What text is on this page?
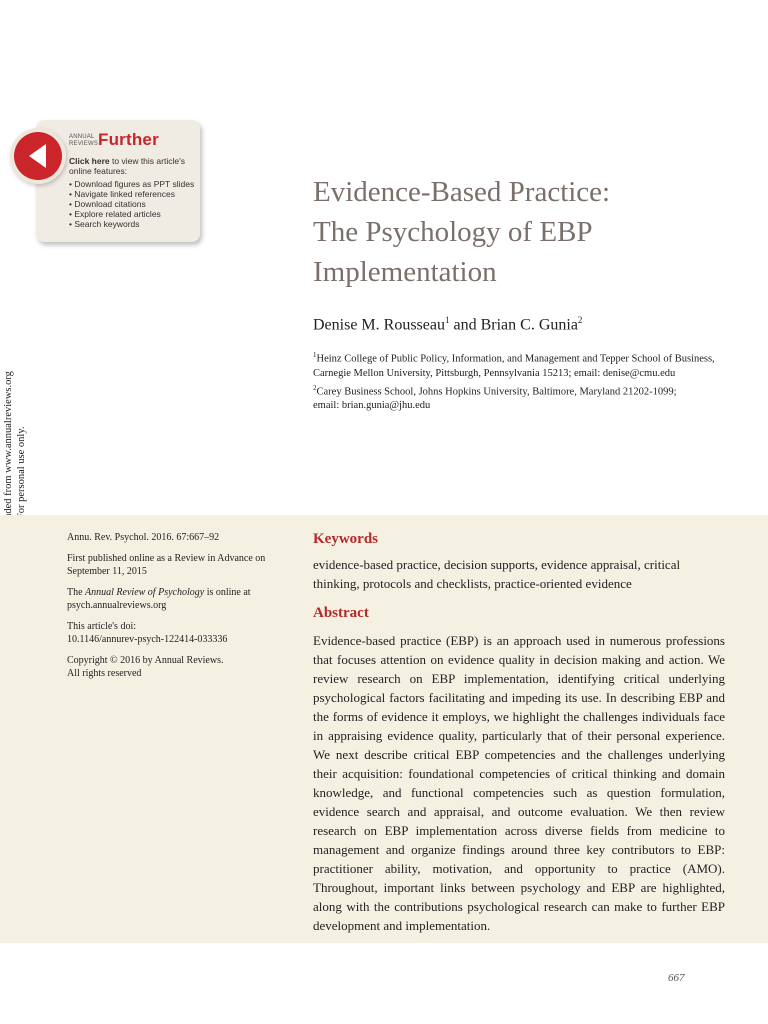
ANNUAL
REVIEWS Further
Click here to view this article's online features:
• Download figures as PPT slides
• Navigate linked references
• Download citations
• Explore related articles
• Search keywords
Evidence-Based Practice:
The Psychology of EBP
Implementation
Denise M. Rousseau$^1$ and Brian C. Gunia$^2$
$^1$Heinz College of Public Policy, Information, and Management and Tepper School of Business,
Carnegie Mellon University, Pittsburgh, Pennsylvania 15213; email: denise@cmu.edu
$^2$Carey Business School, Johns Hopkins University, Baltimore, Maryland 21202-1099;
email: brian.gunia@jhu.edu

Annu. Rev. Psychol. 2016. 67:667–92

First published online as a Review in Advance on September 11, 2015

The Annual Review of Psychology is online at psych.annualreviews.org

This article's doi:
10.1146/annurev-psych-122414-033336

Copyright © 2016 by Annual Reviews.
All rights reserved

Keywords
evidence-based practice, decision supports, evidence appraisal, critical thinking, protocols and checklists, practice-oriented evidence
Abstract
Evidence-based practice (EBP) is an approach used in numerous professions that focuses attention on evidence quality in decision making and action. We review research on EBP implementation, identifying critical underlying psychological factors facilitating and impeding its use. In describing EBP and the forms of evidence it employs, we highlight the challenges individuals face in appraising evidence quality, particularly that of their personal experience. We next describe critical EBP competencies and the challenges underlying their acquisition: foundational competencies of critical thinking and domain knowledge, and functional competencies such as question formulation, evidence search and appraisal, and outcome evaluation. We then review research on EBP implementation across diverse fields from medicine to management and organize findings around three key contributors to EBP: practitioner ability, motivation, and opportunity to practice (AMO). Throughout, important links between psychology and EBP are highlighted, along with the contributions psychological research can make to further EBP development and implementation.
667
